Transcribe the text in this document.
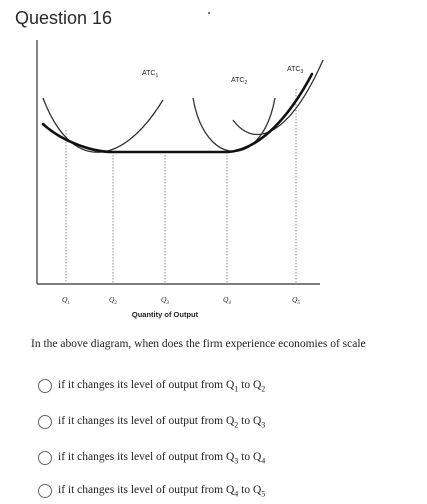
Question 16
$ATC_1$
$ATC_2$
$ATC_3$
$Q_1$	$Q_2$	$Q_3$	$Q_4$	$Q_5$
Quantity of Output
In the above diagram, when does the firm experience economies of scale
if it changes its level of output from $Q_1$ to $Q_2$
if it changes its level of output from $Q_2$ to $Q_3$
if it changes its level of output from $Q_3$ to $Q_4$
if it changes its level of output from $Q_4$ to $Q_5$
